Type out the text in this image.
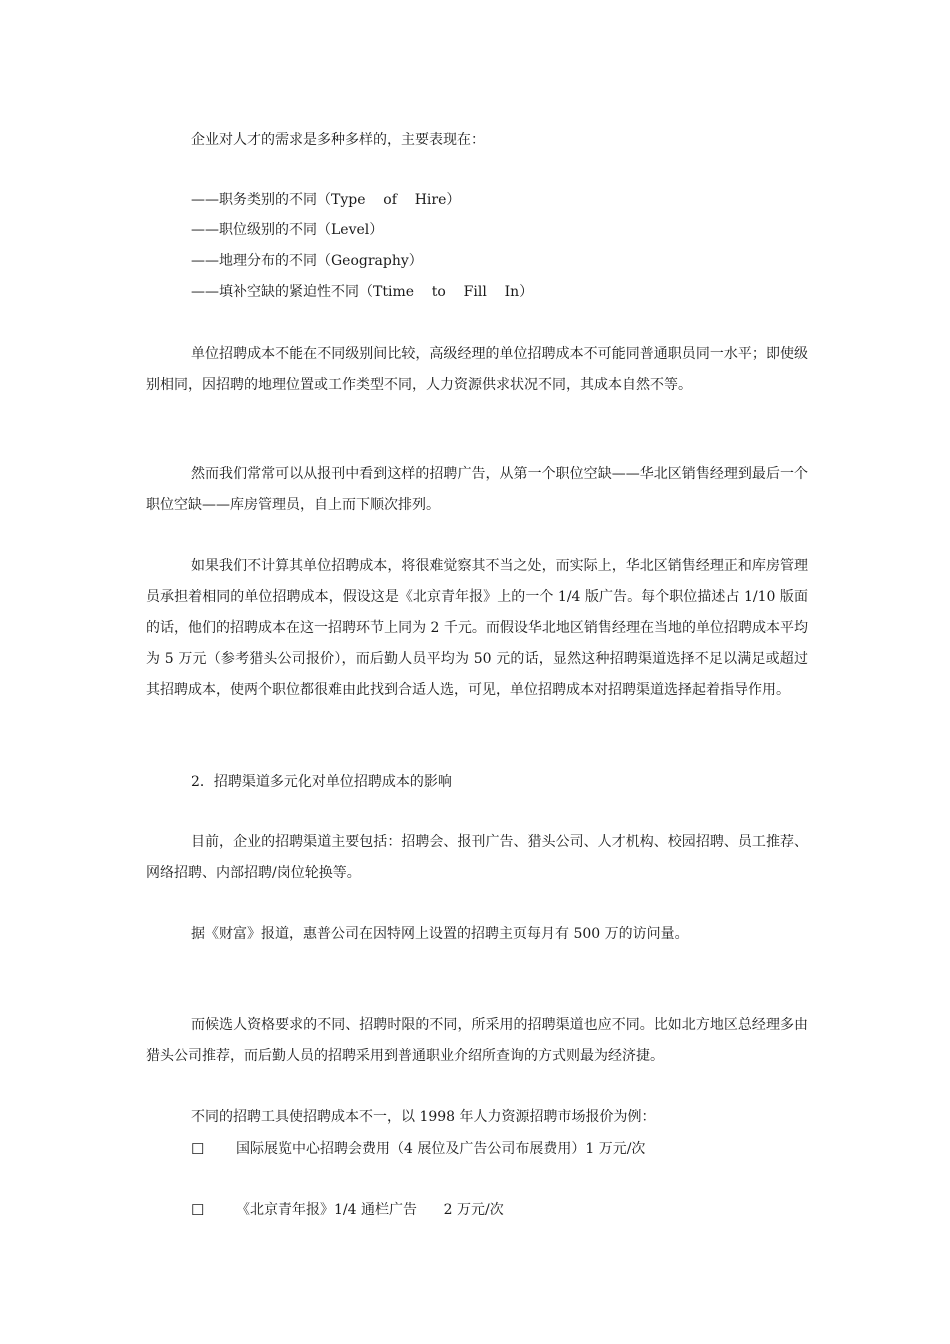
企业对人才的需求是多种多样的，主要表现在：
——职务类别的不同（Type    of    Hire）
——职位级别的不同（Level）
——地理分布的不同（Geography）
——填补空缺的紧迫性不同（Ttime    to    Fill    In）
单位招聘成本不能在不同级别间比较，高级经理的单位招聘成本不可能同普通职员同一水平；即使级别相同，因招聘的地理位置或工作类型不同，人力资源供求状况不同，其成本自然不等。
然而我们常常可以从报刊中看到这样的招聘广告，从第一个职位空缺——华北区销售经理到最后一个职位空缺——库房管理员，自上而下顺次排列。
如果我们不计算其单位招聘成本，将很难觉察其不当之处，而实际上，华北区销售经理正和库房管理员承担着相同的单位招聘成本，假设这是《北京青年报》上的一个 1/4 版广告。每个职位描述占 1/10 版面的话，他们的招聘成本在这一招聘环节上同为 2 千元。而假设华北地区销售经理在当地的单位招聘成本平均为 5 万元（参考猎头公司报价），而后勤人员平均为 50 元的话，显然这种招聘渠道选择不足以满足或超过其招聘成本，使两个职位都很难由此找到合适人选，可见，单位招聘成本对招聘渠道选择起着指导作用。
2．招聘渠道多元化对单位招聘成本的影响
目前，企业的招聘渠道主要包括：招聘会、报刊广告、猎头公司、人才机构、校园招聘、员工推荐、网络招聘、内部招聘/岗位轮换等。
据《财富》报道，惠普公司在因特网上设置的招聘主页每月有 500 万的访问量。
而候选人资格要求的不同、招聘时限的不同，所采用的招聘渠道也应不同。比如北方地区总经理多由猎头公司推荐，而后勤人员的招聘采用到普通职业介绍所查询的方式则最为经济捷。
不同的招聘工具使招聘成本不一，以 1998 年人力资源招聘市场报价为例：
☐ 国际展览中心招聘会费用（4 展位及广告公司布展费用）1 万元/次
☐ 《北京青年报》1/4 通栏广告      2 万元/次
